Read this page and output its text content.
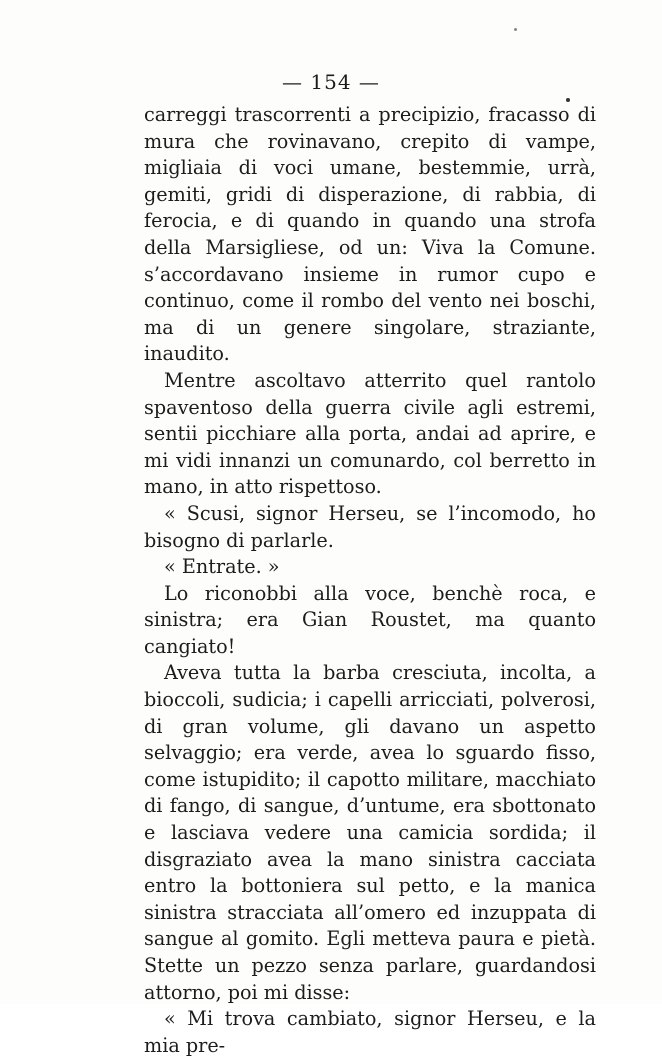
— 154 —

carreggi trascorrenti a precipizio, fracasso di mura che rovinavano, crepito di vampe, migliaia di voci umane, bestemmie, urrà, gemiti, gridi di disperazione, di rabbia, di ferocia, e di quando in quando una strofa della Marsigliese, od un: Viva la Comune. s’accordavano insieme in rumor cupo e continuo, come il rombo del vento nei boschi, ma di un genere singolare, straziante, inaudito.

Mentre ascoltavo atterrito quel rantolo spaventoso della guerra civile agli estremi, sentii picchiare alla porta, andai ad aprire, e mi vidi innanzi un comunardo, col berretto in mano, in atto rispettoso.

« Scusi, signor Herseu, se l’incomodo, ho bisogno di parlarle.

« Entrate. »

Lo riconobbi alla voce, benchè roca, e sinistra; era Gian Roustet, ma quanto cangiato!

Aveva tutta la barba cresciuta, incolta, a bioccoli, sudicia; i capelli arricciati, polverosi, di gran volume, gli davano un aspetto selvaggio; era verde, avea lo sguardo fisso, come istupidito; il capotto militare, macchiato di fango, di sangue, d’untume, era sbottonato e lasciava vedere una camicia sordida; il disgraziato avea la mano sinistra cacciata entro la bottoniera sul petto, e la manica sinistra stracciata all’omero ed inzuppata di sangue al gomito. Egli metteva paura e pietà. Stette un pezzo senza parlare, guardandosi attorno, poi mi disse:

« Mi trova cambiato, signor Herseu, e la mia pre-
